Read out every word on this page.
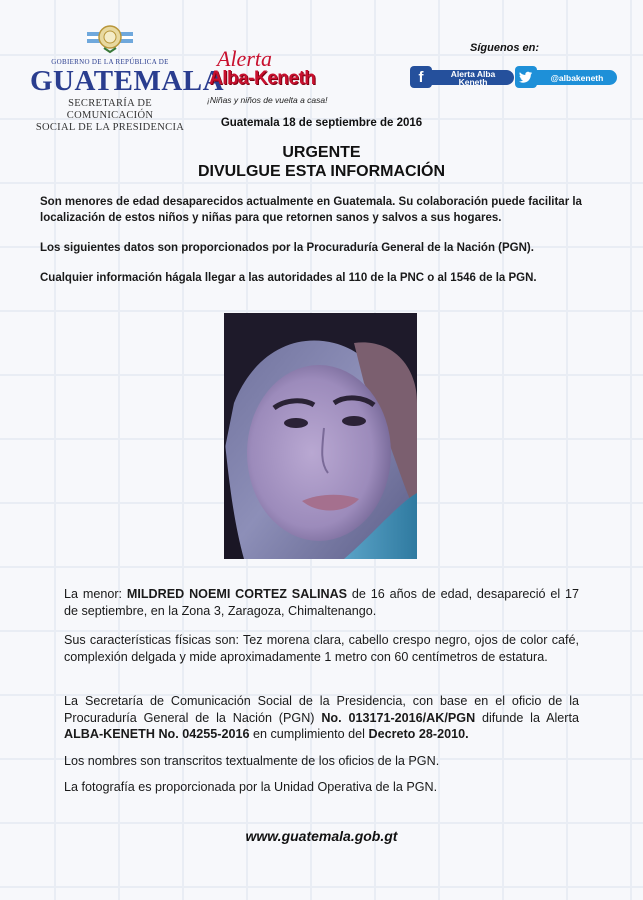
GOBIERNO DE LA REPÚBLICA DE
GUATEMALA
SECRETARÍA DE COMUNICACIÓN
SOCIAL DE LA PRESIDENCIA
Alerta
Alba-Keneth
¡Niñas y niños de vuelta a casa!
Síguenos en:
f	Alerta Alba Keneth	@albakeneth
Guatemala 18 de septiembre de 2016
URGENTE
DIVULGUE ESTA INFORMACIÓN
Son menores de edad desaparecidos actualmente en Guatemala. Su colaboración puede facilitar la localización de estos niños y niñas para que retornen sanos y salvos a sus hogares.
Los siguientes datos son proporcionados por la Procuraduría General de la Nación (PGN).
Cualquier información hágala llegar a las autoridades al 110 de la PNC o al 1546 de la PGN.
La menor: MILDRED NOEMI CORTEZ SALINAS de 16 años de edad, desapareció el 17 de septiembre, en la Zona 3, Zaragoza, Chimaltenango.
Sus características físicas son: Tez morena clara, cabello crespo negro, ojos de color café, complexión delgada y mide aproximadamente 1 metro con 60 centímetros de estatura.
La Secretaría de Comunicación Social de la Presidencia, con base en el oficio de la Procuraduría General de la Nación (PGN) No. 013171-2016/AK/PGN difunde la Alerta ALBA-KENETH No. 04255-2016 en cumplimiento del Decreto 28-2010.
Los nombres son transcritos textualmente de los oficios de la PGN.
La fotografía es proporcionada por la Unidad Operativa de la PGN.
www.guatemala.gob.gt
